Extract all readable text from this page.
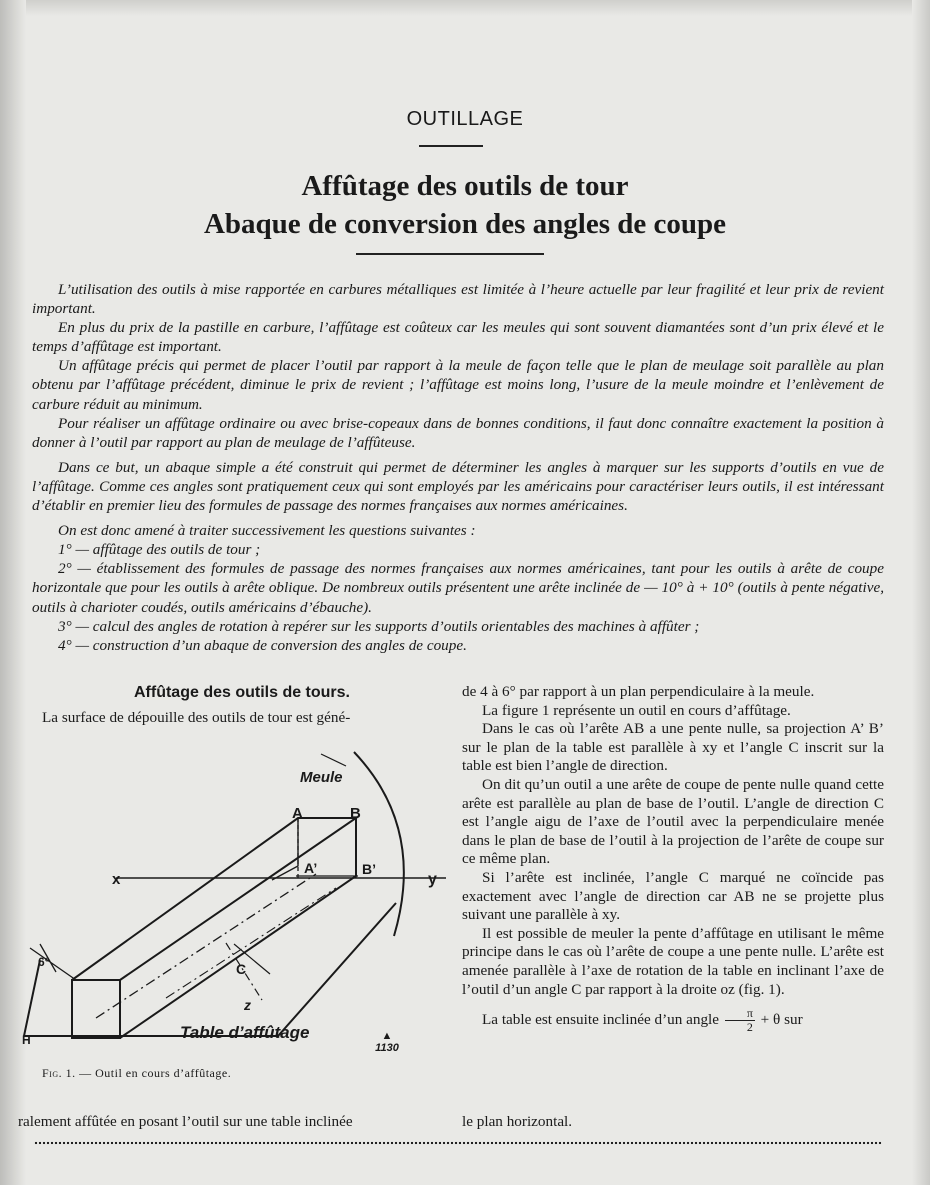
OUTILLAGE
Affûtage des outils de tour
Abaque de conversion des angles de coupe

L’utilisation des outils à mise rapportée en carbures métalliques est limitée à l’heure actuelle par leur fragilité et leur prix de revient important.

En plus du prix de la pastille en carbure, l’affûtage est coûteux car les meules qui sont souvent diamantées sont d’un prix élevé et le temps d’affûtage est important.

Un affûtage précis qui permet de placer l’outil par rapport à la meule de façon telle que le plan de meulage soit parallèle au plan obtenu par l’affûtage précédent, diminue le prix de revient ; l’affûtage est moins long, l’usure de la meule moindre et l’enlèvement de carbure réduit au minimum.

Pour réaliser un affûtage ordinaire ou avec brise-copeaux dans de bonnes conditions, il faut donc connaître exactement la position à donner à l’outil par rapport au plan de meulage de l’affûteuse.

Dans ce but, un abaque simple a été construit qui permet de déterminer les angles à marquer sur les supports d’outils en vue de l’affûtage. Comme ces angles sont pratiquement ceux qui sont employés par les américains pour caractériser leurs outils, il est intéressant d’établir en premier lieu des formules de passage des normes françaises aux normes américaines.

On est donc amené à traiter successivement les questions suivantes :

1° — affûtage des outils de tour ;

2° — établissement des formules de passage des normes françaises aux normes américaines, tant pour les outils à arête de coupe horizontale que pour les outils à arête oblique. De nombreux outils présentent une arête inclinée de — 10° à + 10° (outils à pente négative, outils à charioter coudés, outils américains d’ébauche).

3° — calcul des angles de rotation à repérer sur les supports d’outils orientables des machines à affûter ;

4° — construction d’un abaque de conversion des angles de coupe.

Affûtage des outils de tours.

La surface de dépouille des outils de tour est géné-

Meule
A	B
A’	B’
x	y
C
z
H
6°
Table d’affûtage	▲
1130
Fig. 1. — Outil en cours d’affûtage.

de 4 à 6° par rapport à un plan perpendiculaire à la meule.

La figure 1 représente un outil en cours d’affûtage.

Dans le cas où l’arête AB a une pente nulle, sa projection A’ B’ sur le plan de la table est parallèle à xy et l’angle C inscrit sur la table est bien l’angle de direction.

On dit qu’un outil a une arête de coupe de pente nulle quand cette arête est parallèle au plan de base de l’outil. L’angle de direction C est l’angle aigu de l’axe de l’outil avec la perpendiculaire menée dans le plan de base de l’outil à la projection de l’arête de coupe sur ce même plan.

Si l’arête est inclinée, l’angle C marqué ne coïncide pas exactement avec l’angle de direction car AB ne se projette plus suivant une parallèle à xy.

Il est possible de meuler la pente d’affûtage en utilisant le même principe dans le cas où l’arête de coupe a une pente nulle. L’arête est amenée parallèle à l’axe de rotation de la table en inclinant l’axe de l’outil d’un angle C par rapport à la droite oz (fig. 1).

La table est ensuite inclinée d’un angle $\frac{\pi}{2} + \theta$ sur

ralement affûtée en posant l’outil sur une table inclinée	le plan horizontal.
